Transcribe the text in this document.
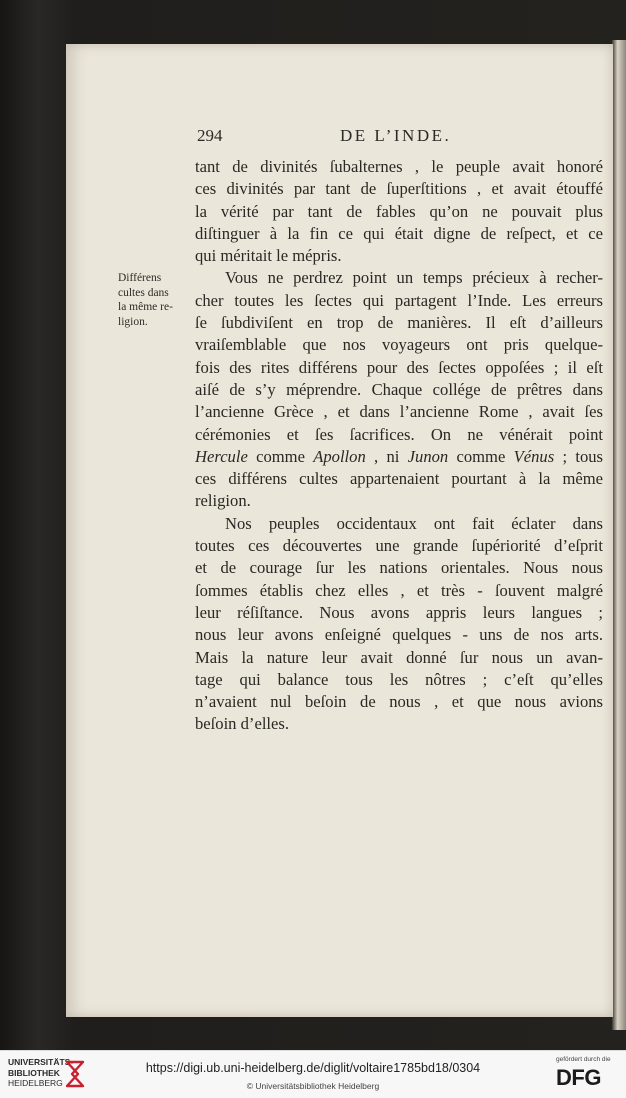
294	DE L’INDE.
Différens
cultes dans
la même re-
ligion.
tant de divinités ſubalternes , le peuple avait honoré
ces divinités par tant de ſuperſtitions , et avait étouffé
la vérité par tant de fables qu’on ne pouvait plus
diſtinguer à la fin ce qui était digne de reſpect, et ce
qui méritait le mépris.
Vous ne perdrez point un temps précieux à recher-
cher toutes les ſectes qui partagent l’Inde. Les erreurs
ſe ſubdiviſent en trop de manières. Il eſt d’ailleurs
vraiſemblable que nos voyageurs ont pris quelque-
fois des rites différens pour des ſectes oppoſées ; il eſt
aiſé de s’y méprendre. Chaque collége de prêtres dans
l’ancienne Grèce , et dans l’ancienne Rome , avait ſes
cérémonies et ſes ſacrifices. On ne vénérait point
Hercule comme Apollon , ni Junon comme Vénus ; tous
ces différens cultes appartenaient pourtant à la même
religion.
Nos peuples occidentaux ont fait éclater dans
toutes ces découvertes une grande ſupériorité d’eſprit
et de courage ſur les nations orientales. Nous nous
ſommes établis chez elles , et très - ſouvent malgré
leur réſiſtance. Nous avons appris leurs langues ;
nous leur avons enſeigné quelques - uns de nos arts.
Mais la nature leur avait donné ſur nous un avan-
tage qui balance tous les nôtres ; c’eſt qu’elles
n’avaient nul beſoin de nous , et que nous avions
beſoin d’elles.
UNIVERSITÄTS-
BIBLIOTHEK
HEIDELBERG
https://digi.ub.uni-heidelberg.de/diglit/voltaire1785bd18/0304
© Universitätsbibliothek Heidelberg
gefördert durch die
DFG
